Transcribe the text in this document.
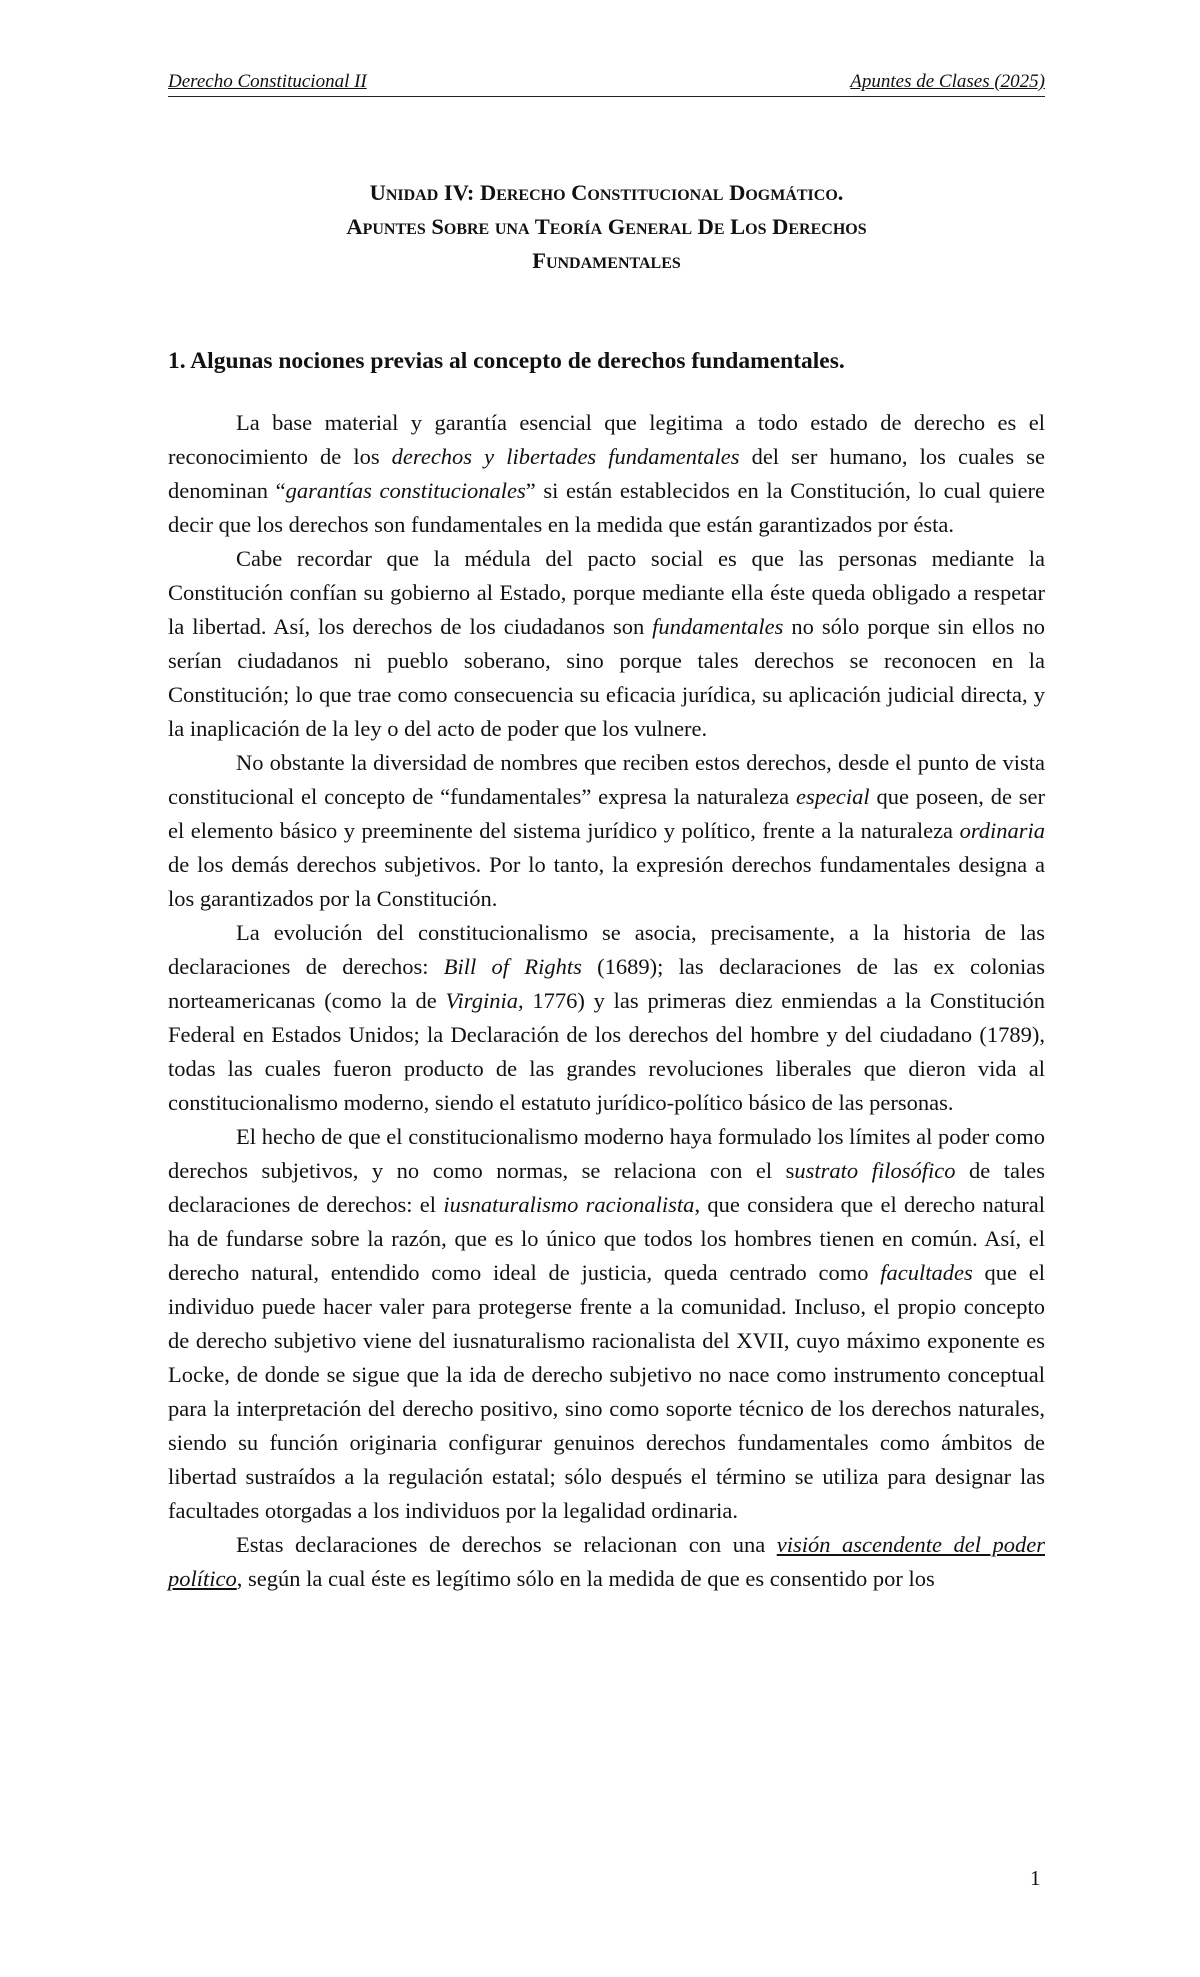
Derecho Constitucional II	Apuntes de Clases (2025)
Unidad IV: Derecho Constitucional Dogmático.
Apuntes Sobre una Teoría General De Los Derechos
Fundamentales
1. Algunas nociones previas al concepto de derechos fundamentales.

La base material y garantía esencial que legitima a todo estado de derecho es el reconocimiento de los derechos y libertades fundamentales del ser humano, los cuales se denominan “garantías constitucionales” si están establecidos en la Constitución, lo cual quiere decir que los derechos son fundamentales en la medida que están garantizados por ésta.

Cabe recordar que la médula del pacto social es que las personas mediante la Constitución confían su gobierno al Estado, porque mediante ella éste queda obligado a respetar la libertad. Así, los derechos de los ciudadanos son fundamentales no sólo porque sin ellos no serían ciudadanos ni pueblo soberano, sino porque tales derechos se reconocen en la Constitución; lo que trae como consecuencia su eficacia jurídica, su aplicación judicial directa, y la inaplicación de la ley o del acto de poder que los vulnere.

No obstante la diversidad de nombres que reciben estos derechos, desde el punto de vista constitucional el concepto de “fundamentales” expresa la naturaleza especial que poseen, de ser el elemento básico y preeminente del sistema jurídico y político, frente a la naturaleza ordinaria de los demás derechos subjetivos. Por lo tanto, la expresión derechos fundamentales designa a los garantizados por la Constitución.

La evolución del constitucionalismo se asocia, precisamente, a la historia de las declaraciones de derechos: Bill of Rights (1689); las declaraciones de las ex colonias norteamericanas (como la de Virginia, 1776) y las primeras diez enmiendas a la Constitución Federal en Estados Unidos; la Declaración de los derechos del hombre y del ciudadano (1789), todas las cuales fueron producto de las grandes revoluciones liberales que dieron vida al constitucionalismo moderno, siendo el estatuto jurídico-político básico de las personas.

El hecho de que el constitucionalismo moderno haya formulado los límites al poder como derechos subjetivos, y no como normas, se relaciona con el sustrato filosófico de tales declaraciones de derechos: el iusnaturalismo racionalista, que considera que el derecho natural ha de fundarse sobre la razón, que es lo único que todos los hombres tienen en común. Así, el derecho natural, entendido como ideal de justicia, queda centrado como facultades que el individuo puede hacer valer para protegerse frente a la comunidad. Incluso, el propio concepto de derecho subjetivo viene del iusnaturalismo racionalista del XVII, cuyo máximo exponente es Locke, de donde se sigue que la ida de derecho subjetivo no nace como instrumento conceptual para la interpretación del derecho positivo, sino como soporte técnico de los derechos naturales, siendo su función originaria configurar genuinos derechos fundamentales como ámbitos de libertad sustraídos a la regulación estatal; sólo después el término se utiliza para designar las facultades otorgadas a los individuos por la legalidad ordinaria.

Estas declaraciones de derechos se relacionan con una visión ascendente del poder político, según la cual éste es legítimo sólo en la medida de que es consentido por los

1
